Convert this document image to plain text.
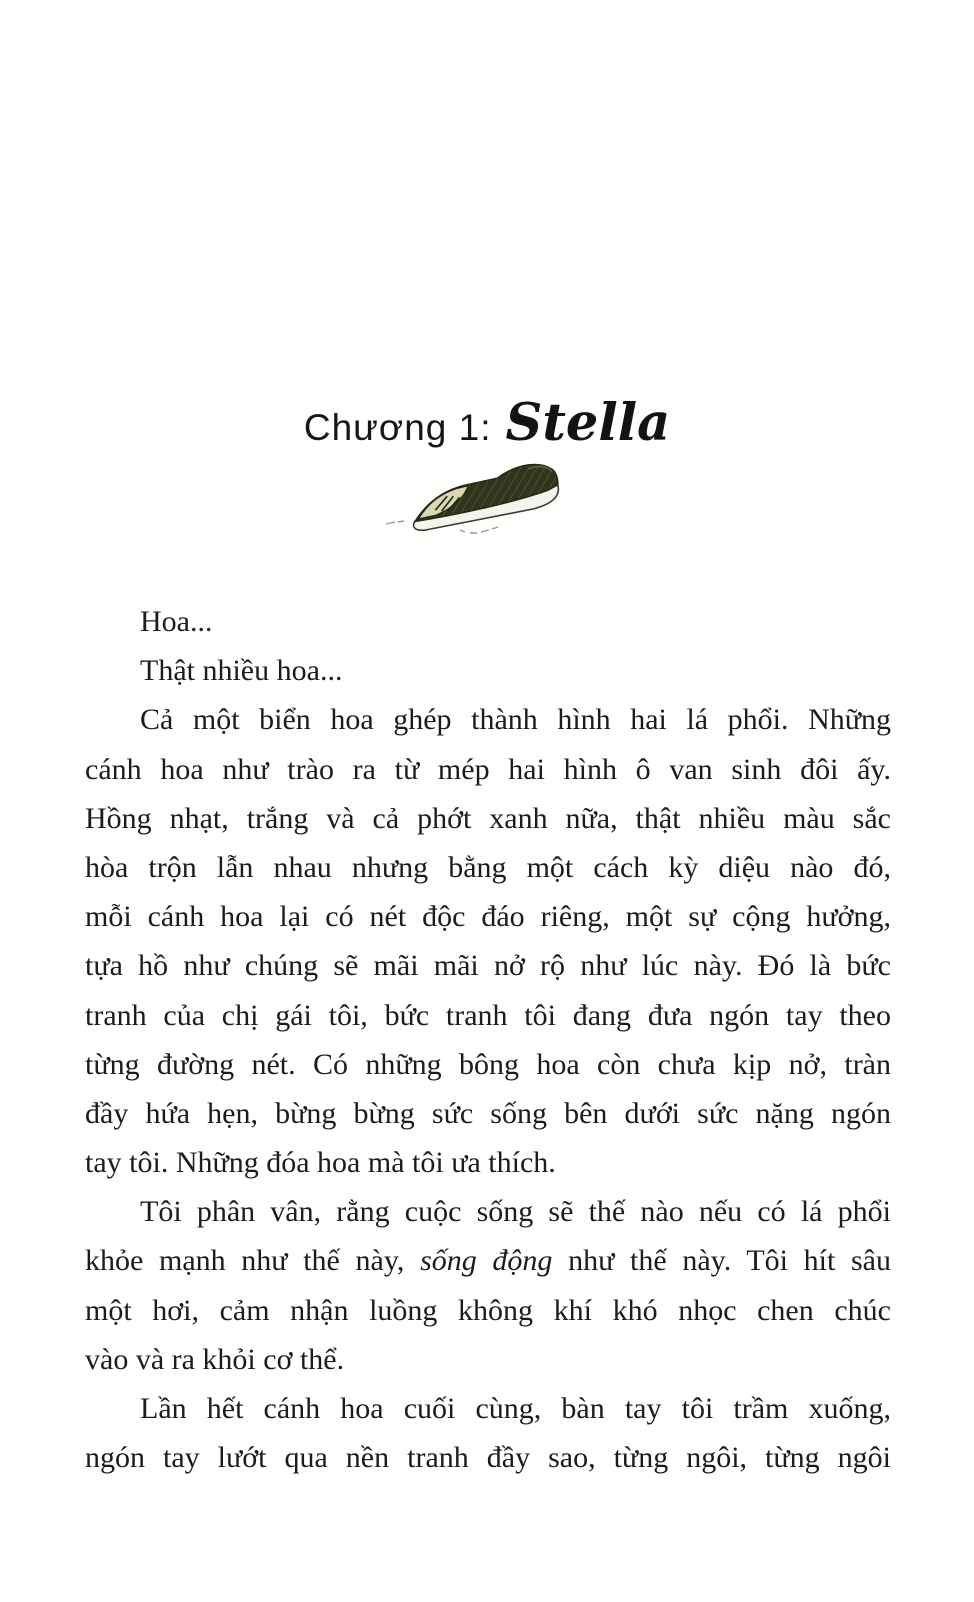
Chương 1: Stella
Hoa...
Thật nhiều hoa...
Cả một biển hoa ghép thành hình hai lá phổi. Những
cánh hoa như trào ra từ mép hai hình ô van sinh đôi ấy.
Hồng nhạt, trắng và cả phớt xanh nữa, thật nhiều màu sắc
hòa trộn lẫn nhau nhưng bằng một cách kỳ diệu nào đó,
mỗi cánh hoa lại có nét độc đáo riêng, một sự cộng hưởng,
tựa hồ như chúng sẽ mãi mãi nở rộ như lúc này. Đó là bức
tranh của chị gái tôi, bức tranh tôi đang đưa ngón tay theo
từng đường nét. Có những bông hoa còn chưa kịp nở, tràn
đầy hứa hẹn, bừng bừng sức sống bên dưới sức nặng ngón
tay tôi. Những đóa hoa mà tôi ưa thích.
Tôi phân vân, rằng cuộc sống sẽ thế nào nếu có lá phổi
khỏe mạnh như thế này, sống động như thế này. Tôi hít sâu
một hơi, cảm nhận luồng không khí khó nhọc chen chúc
vào và ra khỏi cơ thể.
Lần hết cánh hoa cuối cùng, bàn tay tôi trầm xuống,
ngón tay lướt qua nền tranh đầy sao, từng ngôi, từng ngôi
